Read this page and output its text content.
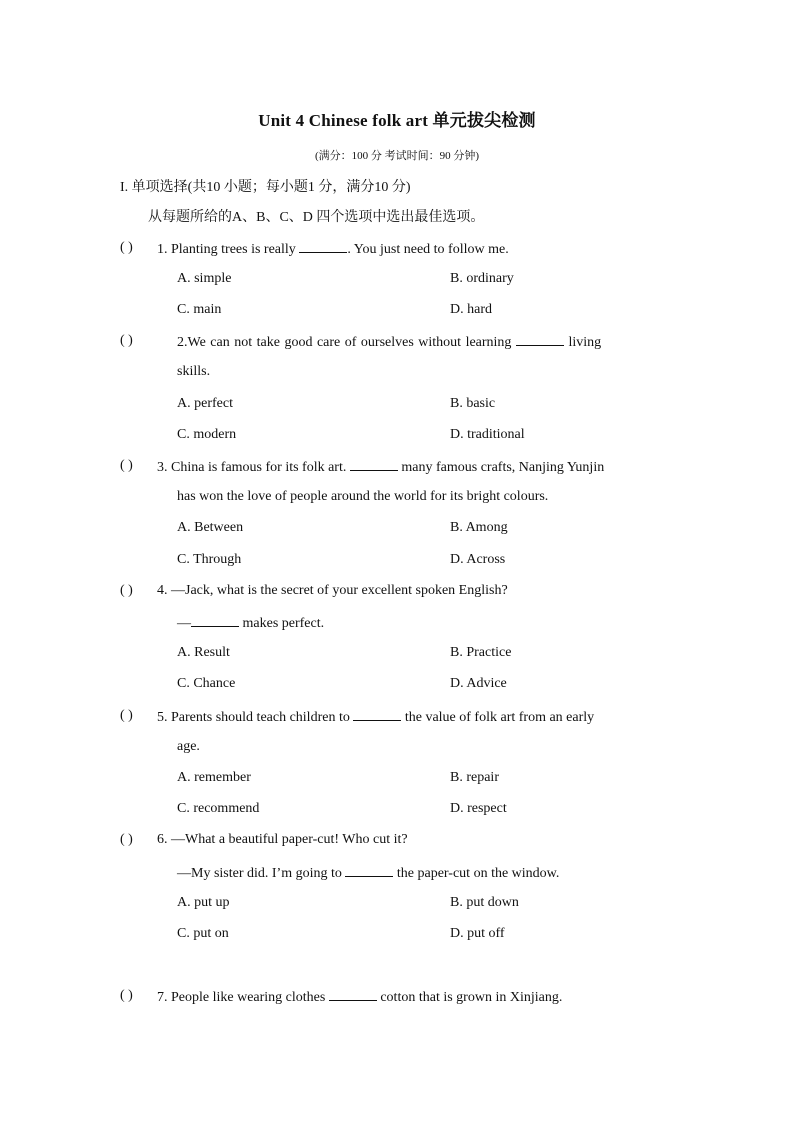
Unit 4 Chinese folk art 单元拔尖检测
(满分：100 分 考试时间：90 分钟)
I. 单项选择(共10 小题；每小题1 分，满分10 分)
从每题所给的A、B、C、D 四个选项中选出最佳选项。
( ) 1. Planting trees is really	. You just need to follow me.
A. simple	B. ordinary
C. main	D. hard
( )	2.We can not take good care of ourselves without learning	living
skills.
A. perfect	B. basic
C. modern	D. traditional
( ) 3. China is famous for its folk art.	many famous crafts, Nanjing Yunjin
has won the love of people around the world for its bright colours.
A. Between	B. Among
C. Through	D. Across
( ) 4. —Jack, what is the secret of your excellent spoken English?
—	makes perfect.
A. Result	B. Practice
C. Chance	D. Advice
( ) 5. Parents should teach children to	the value of folk art from an early
age.
A. remember	B. repair
C. recommend	D. respect
( ) 6. —What a beautiful paper-cut! Who cut it?
—My sister did. I’m going to	the paper-cut on the window.
A. put up	B. put down
C. put on	D. put off
( ) 7. People like wearing clothes	cotton that is grown in Xinjiang.
